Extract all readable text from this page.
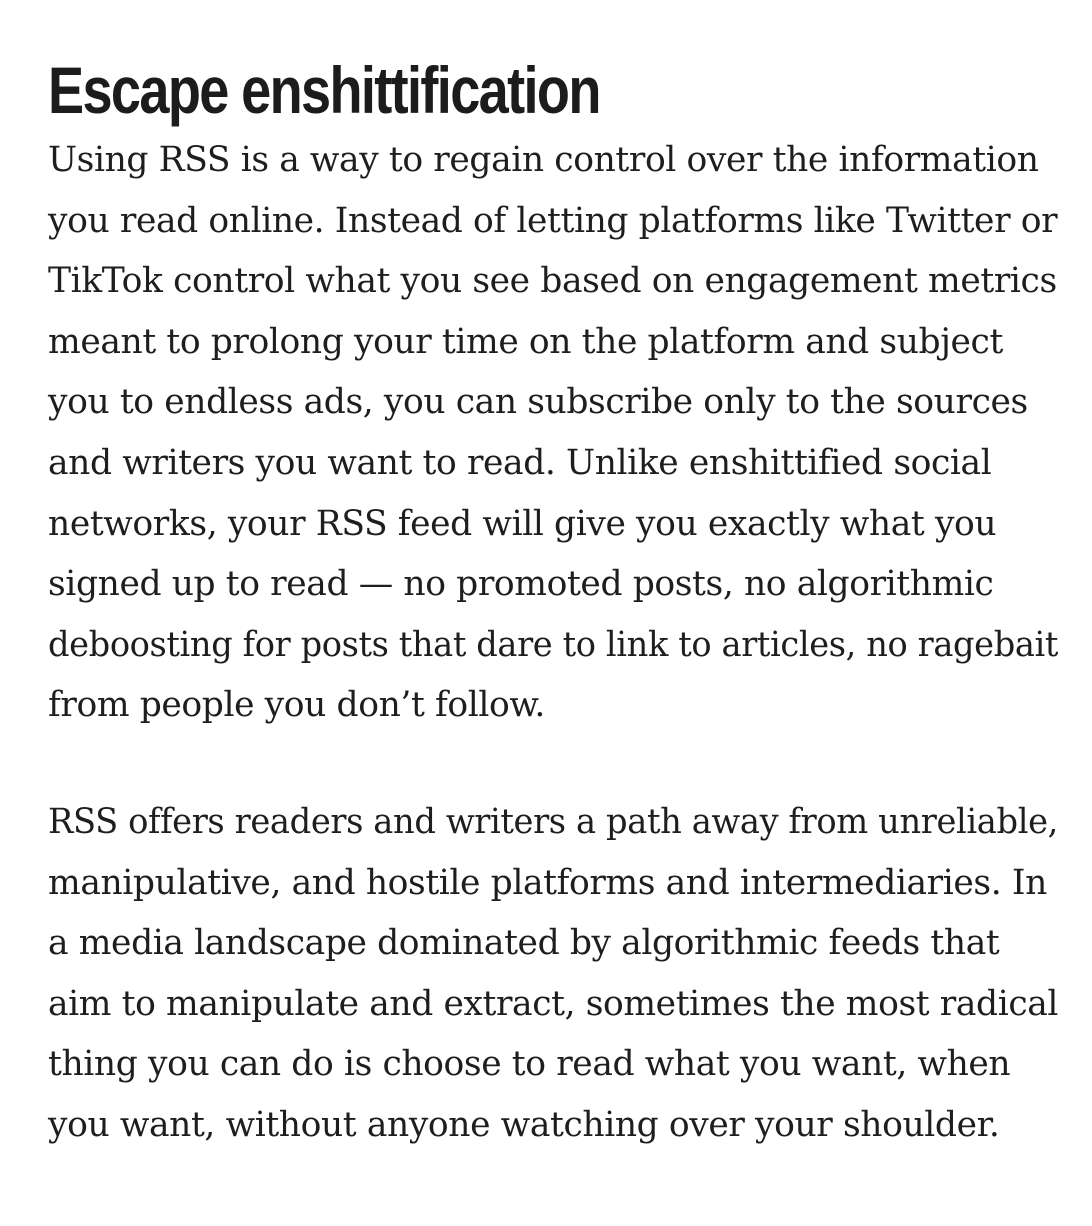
Escape enshittification

Using RSS is a way to regain control over the information
you read online. Instead of letting platforms like Twitter or
TikTok control what you see based on engagement metrics
meant to prolong your time on the platform and subject
you to endless ads, you can subscribe only to the sources
and writers you want to read. Unlike enshittified social
networks, your RSS feed will give you exactly what you
signed up to read — no promoted posts, no algorithmic
deboosting for posts that dare to link to articles, no ragebait
from people you don’t follow.

RSS offers readers and writers a path away from unreliable,
manipulative, and hostile platforms and intermediaries. In
a media landscape dominated by algorithmic feeds that
aim to manipulate and extract, sometimes the most radical
thing you can do is choose to read what you want, when
you want, without anyone watching over your shoulder.
